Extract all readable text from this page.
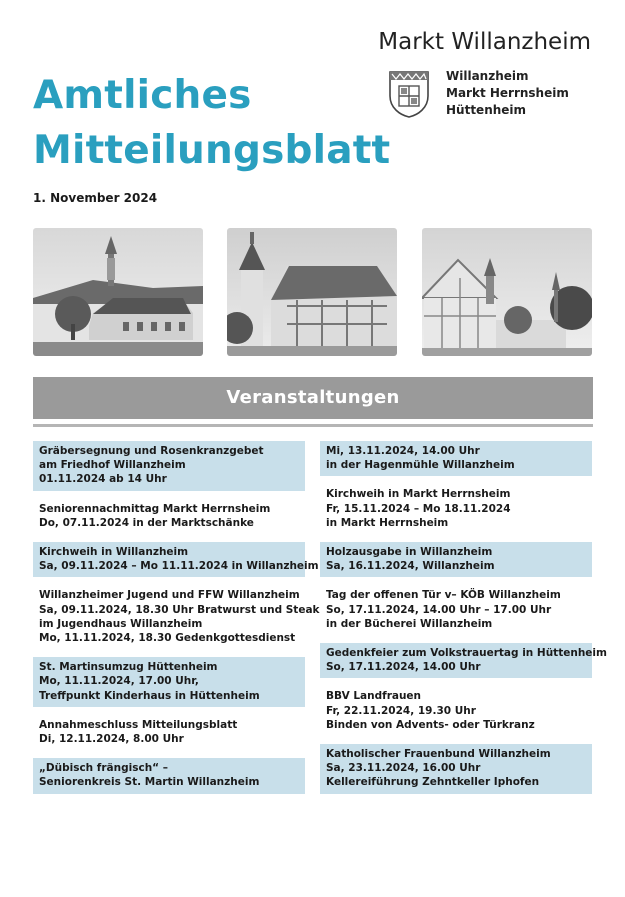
Amtliches
Mitteilungsblatt
1. November 2024
Markt Willanzheim
Willanzheim
Markt Herrnsheim
Hüttenheim
Veranstaltungen
Gräbersegnung und Rosenkranzgebet
am Friedhof Willanzheim
01.11.2024 ab 14 Uhr
Seniorennachmittag Markt Herrnsheim
Do, 07.11.2024 in der Marktschänke
Kirchweih in Willanzheim
Sa, 09.11.2024 – Mo 11.11.2024 in Willanzheim
Willanzheimer Jugend und FFW Willanzheim
Sa, 09.11.2024, 18.30 Uhr Bratwurst und Steak
im Jugendhaus Willanzheim
Mo, 11.11.2024, 18.30 Gedenkgottesdienst
St. Martinsumzug Hüttenheim
Mo, 11.11.2024, 17.00 Uhr,
Treffpunkt Kinderhaus in Hüttenheim
Annahmeschluss Mitteilungsblatt
Di, 12.11.2024, 8.00 Uhr
„Dübisch frängisch“ –
Seniorenkreis St. Martin Willanzheim
Mi, 13.11.2024, 14.00 Uhr
in der Hagenmühle Willanzheim
Kirchweih in Markt Herrnsheim
Fr, 15.11.2024 – Mo 18.11.2024
in Markt Herrnsheim
Holzausgabe in Willanzheim
Sa, 16.11.2024, Willanzheim
Tag der offenen Tür v– KÖB Willanzheim
So, 17.11.2024, 14.00 Uhr – 17.00 Uhr
in der Bücherei Willanzheim
Gedenkfeier zum Volkstrauertag in Hüttenheim
So, 17.11.2024, 14.00 Uhr
BBV Landfrauen
Fr, 22.11.2024, 19.30 Uhr
Binden von Advents- oder Türkranz
Katholischer Frauenbund Willanzheim
Sa, 23.11.2024, 16.00 Uhr
Kellereiführung Zehntkeller Iphofen
